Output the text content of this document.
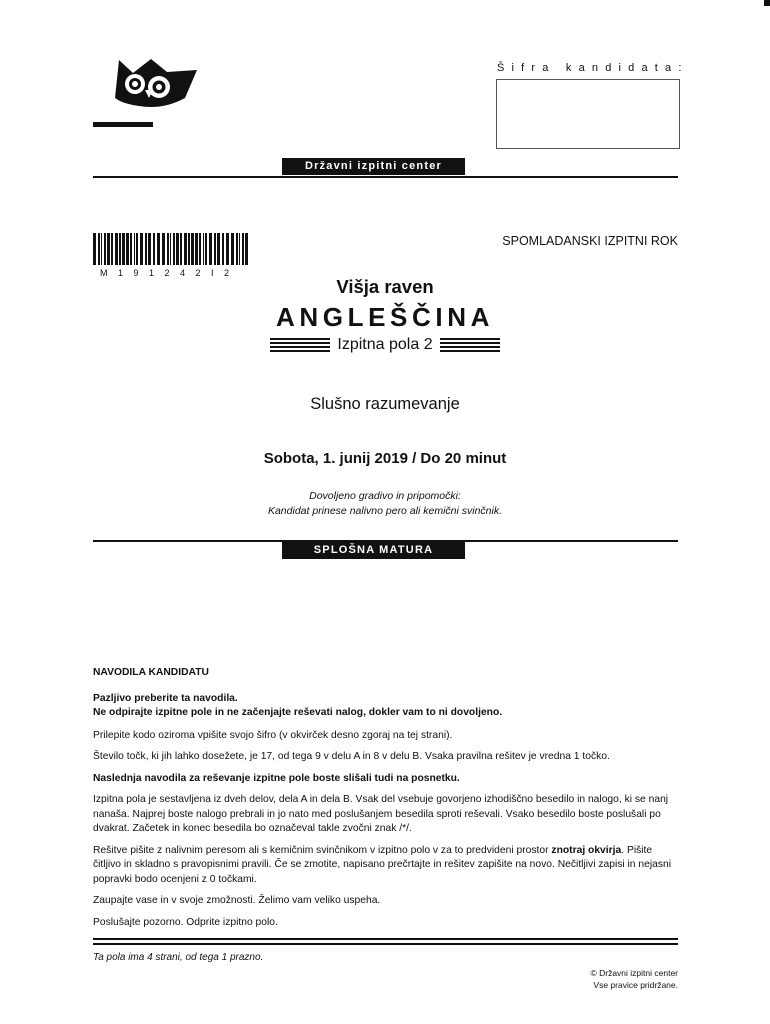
Šifra kandidata:
Državni izpitni center
M191242I2
SPOMLADANSKI IZPITNI ROK
Višja raven
ANGLEŠČINA
Izpitna pola 2
Slušno razumevanje
Sobota, 1. junij 2019 / Do 20 minut
Dovoljeno gradivo in pripomočki:
Kandidat prinese nalivno pero ali kemični svinčnik.
SPLOŠNA MATURA

NAVODILA KANDIDATU

Pazljivo preberite ta navodila.
Ne odpirajte izpitne pole in ne začenjajte reševati nalog, dokler vam to ni dovoljeno.

Prilepite kodo oziroma vpišite svojo šifro (v okvirček desno zgoraj na tej strani).

Število točk, ki jih lahko dosežete, je 17, od tega 9 v delu A in 8 v delu B. Vsaka pravilna rešitev je vredna 1 točko.

Naslednja navodila za reševanje izpitne pole boste slišali tudi na posnetku.

Izpitna pola je sestavljena iz dveh delov, dela A in dela B. Vsak del vsebuje govorjeno izhodiščno besedilo in nalogo, ki se nanj nanaša. Najprej boste nalogo prebrali in jo nato med poslušanjem besedila sproti reševali. Vsako besedilo boste poslušali po dvakrat. Začetek in konec besedila bo označeval takle zvočni znak /*/.

Rešitve pišite z nalivnim peresom ali s kemičnim svinčnikom v izpitno polo v za to predvideni prostor znotraj okvirja. Pišite čitljivo in skladno s pravopisnimi pravili. Če se zmotite, napisano prečrtajte in rešitev zapišite na novo. Nečitljivi zapisi in nejasni popravki bodo ocenjeni z 0 točkami.

Zaupajte vase in v svoje zmožnosti. Želimo vam veliko uspeha.

Poslušajte pozorno. Odprite izpitno polo.

Ta pola ima 4 strani, od tega 1 prazno.
© Državni izpitni center
Vse pravice pridržane.
